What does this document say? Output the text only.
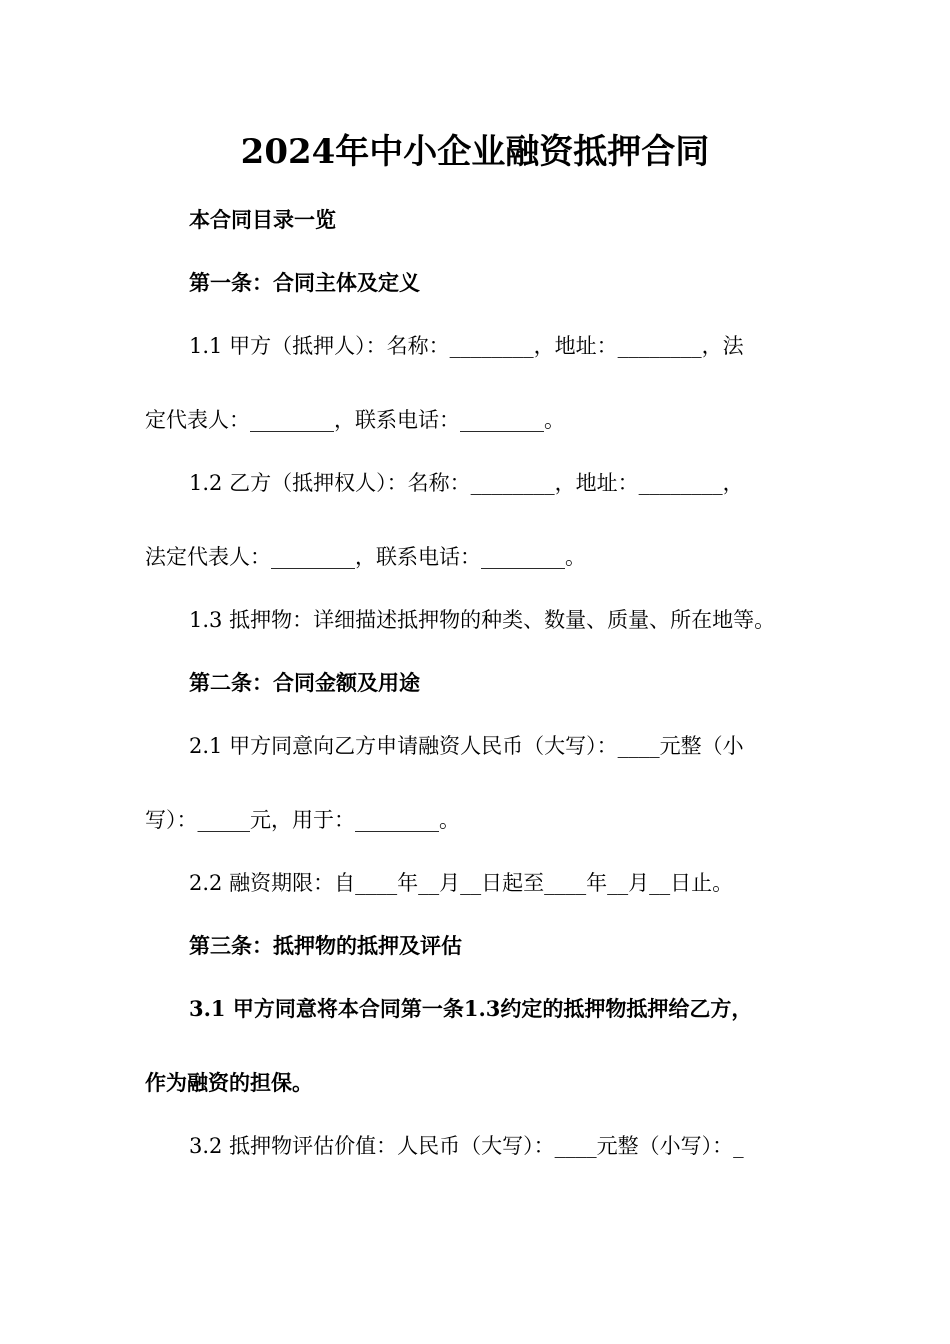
2024年中小企业融资抵押合同
本合同目录一览
第一条：合同主体及定义
1.1 甲方（抵押人）：名称：________，地址：________，法
定代表人：________，联系电话：________。
1.2 乙方（抵押权人）：名称：________，地址：________，
法定代表人：________，联系电话：________。
1.3 抵押物：详细描述抵押物的种类、数量、质量、所在地等。
第二条：合同金额及用途
2.1 甲方同意向乙方申请融资人民币（大写）：____元整（小
写）：_____元，用于：________。
2.2 融资期限：自____年__月__日起至____年__月__日止。
第三条：抵押物的抵押及评估
3.1 甲方同意将本合同第一条1.3约定的抵押物抵押给乙方，
作为融资的担保。
3.2 抵押物评估价值：人民币（大写）：____元整（小写）：_
